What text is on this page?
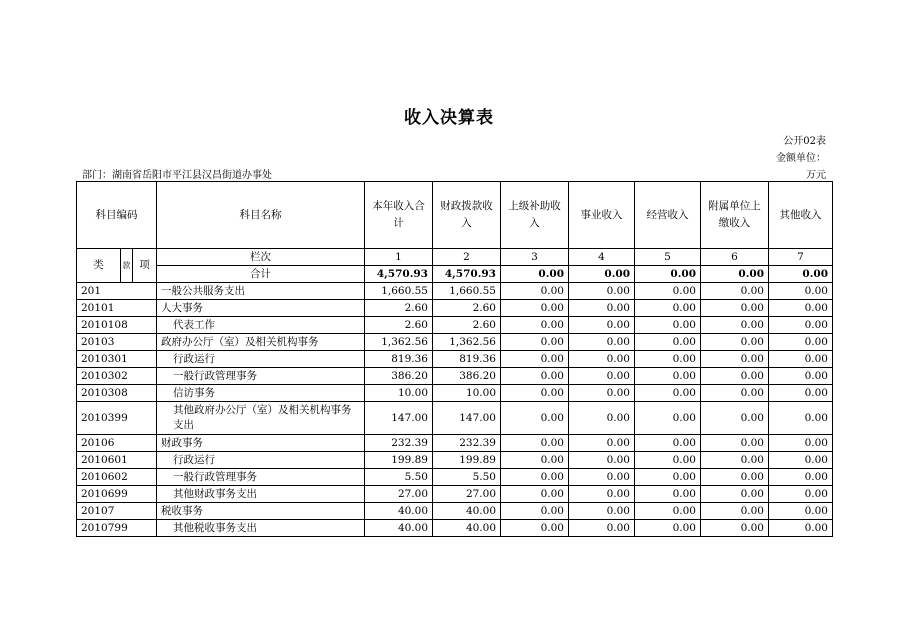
收入决算表
公开02表
金额单位：
部门：湖南省岳阳市平江县汉昌街道办事处	万元
科目编码			科目名称	本年收入合计	财政拨款收入	上级补助收入	事业收入	经营收入	附属单位上缴收入	其他收入
类	款	项	栏次	1	2	3	4	5	6	7
			合计	4,570.93	4,570.93	0.00	0.00	0.00	0.00	0.00
201			一般公共服务支出	1,660.55	1,660.55	0.00	0.00	0.00	0.00	0.00
20101			人大事务	2.60	2.60	0.00	0.00	0.00	0.00	0.00
2010108			代表工作	2.60	2.60	0.00	0.00	0.00	0.00	0.00
20103			政府办公厅（室）及相关机构事务	1,362.56	1,362.56	0.00	0.00	0.00	0.00	0.00
2010301			行政运行	819.36	819.36	0.00	0.00	0.00	0.00	0.00
2010302			一般行政管理事务	386.20	386.20	0.00	0.00	0.00	0.00	0.00
2010308			信访事务	10.00	10.00	0.00	0.00	0.00	0.00	0.00
2010399			其他政府办公厅（室）及相关机构事务支出	147.00	147.00	0.00	0.00	0.00	0.00	0.00
20106			财政事务	232.39	232.39	0.00	0.00	0.00	0.00	0.00
2010601			行政运行	199.89	199.89	0.00	0.00	0.00	0.00	0.00
2010602			一般行政管理事务	5.50	5.50	0.00	0.00	0.00	0.00	0.00
2010699			其他财政事务支出	27.00	27.00	0.00	0.00	0.00	0.00	0.00
20107			税收事务	40.00	40.00	0.00	0.00	0.00	0.00	0.00
2010799			其他税收事务支出	40.00	40.00	0.00	0.00	0.00	0.00	0.00
